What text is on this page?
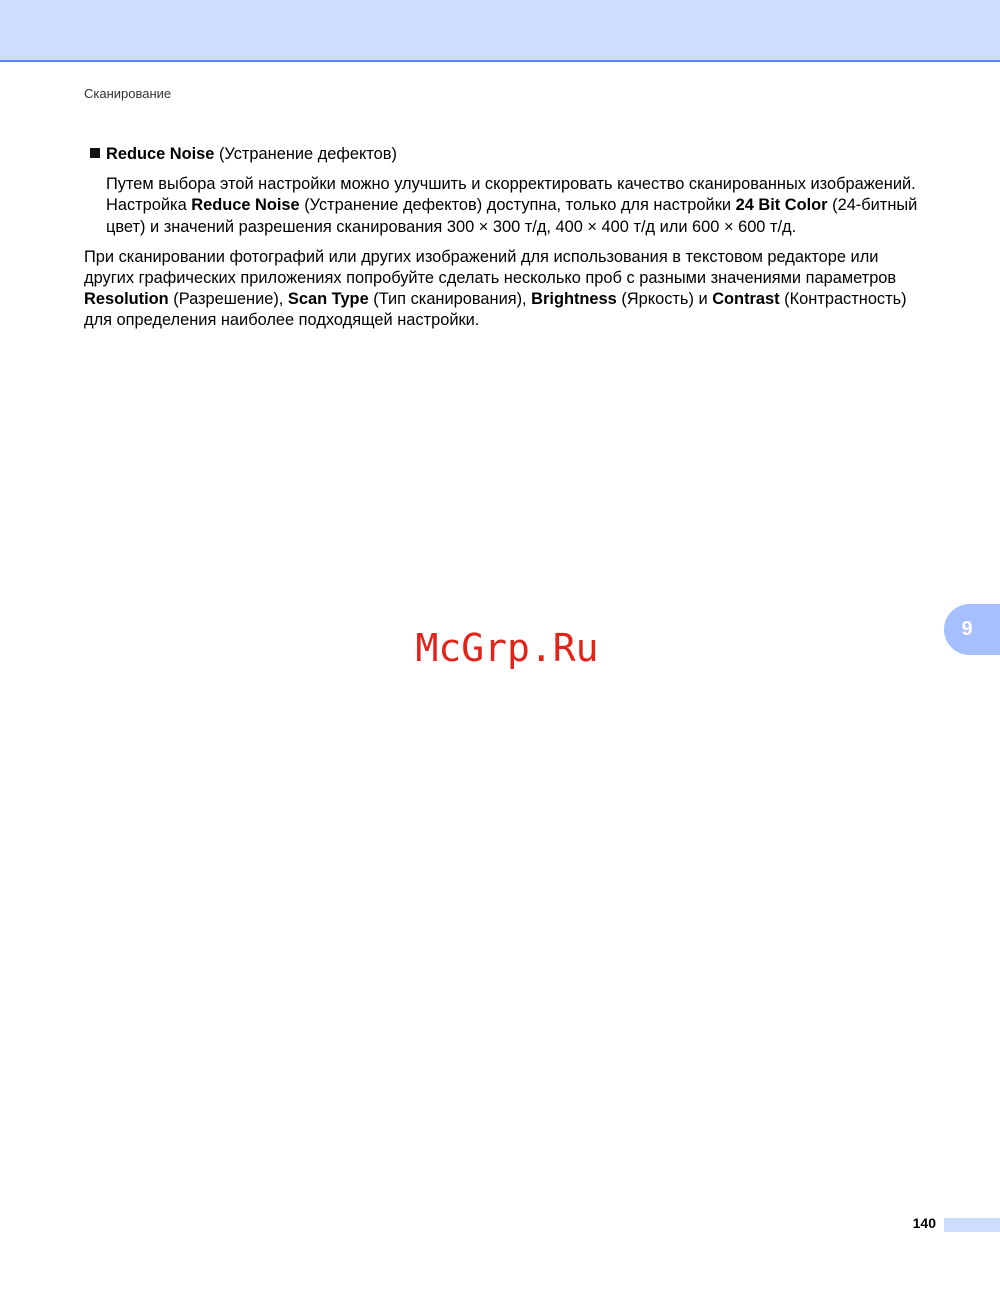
Сканирование
Reduce Noise (Устранение дефектов)
Путем выбора этой настройки можно улучшить и скорректировать качество сканированных изображений. Настройка Reduce Noise (Устранение дефектов) доступна, только для настройки 24 Bit Color (24-битный цвет) и значений разрешения сканирования 300 × 300 т/д, 400 × 400 т/д или 600 × 600 т/д.
При сканировании фотографий или других изображений для использования в текстовом редакторе или других графических приложениях попробуйте сделать несколько проб с разными значениями параметров Resolution (Разрешение), Scan Type (Тип сканирования), Brightness (Яркость) и Contrast (Контрастность) для определения наиболее подходящей настройки.
9
McGrp.Ru
140
